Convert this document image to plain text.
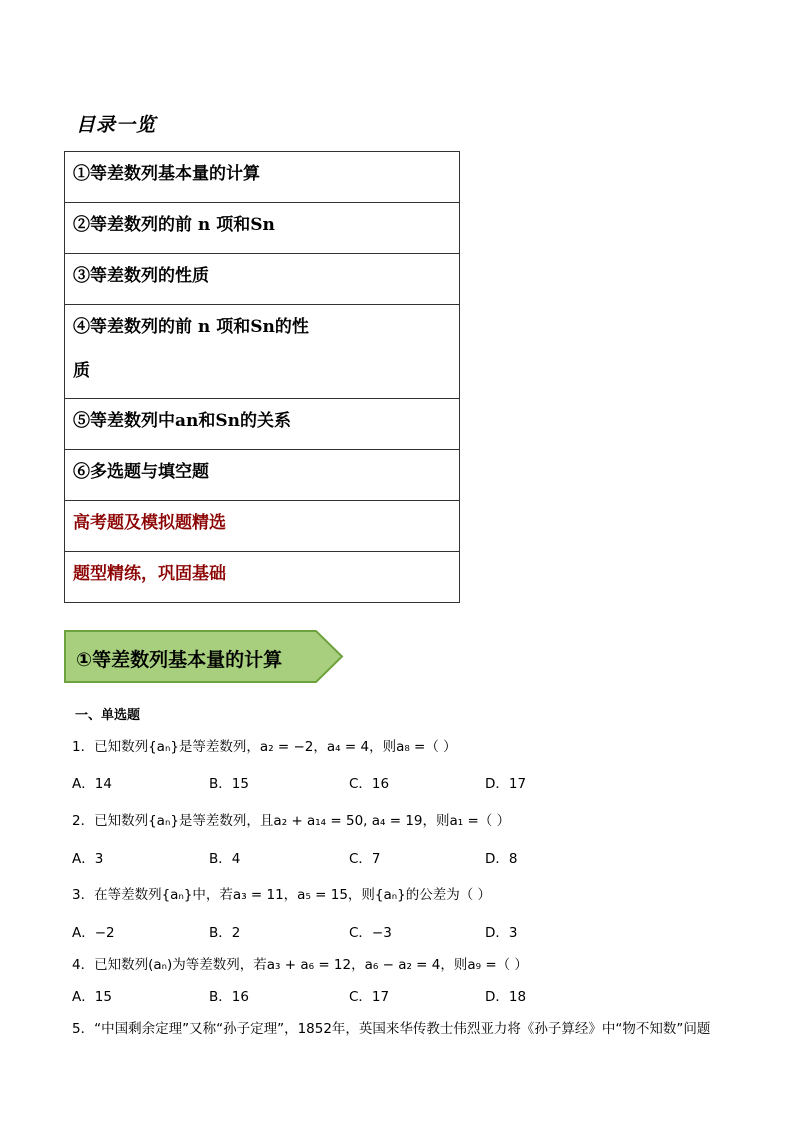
目录一览
①等差数列基本量的计算

②等差数列的前 n 项和Sn

③等差数列的性质

④等差数列的前 n 项和Sn的性
质

⑤等差数列中an和Sn的关系

⑥多选题与填空题

高考题及模拟题精选

题型精练，巩固基础
①等差数列基本量的计算
一、单选题
1．已知数列{aₙ}是等差数列，a₂ = −2，a₄ = 4，则a₈ =（ ）
A．14	B．15	C．16	D．17
2．已知数列{aₙ}是等差数列，且a₂ + a₁₄ = 50, a₄ = 19，则a₁ =（ ）
A．3	B．4	C．7	D．8
3．在等差数列{aₙ}中，若a₃ = 11，a₅ = 15，则{aₙ}的公差为（ ）
A．−2	B．2	C．−3	D．3
4．已知数列(aₙ)为等差数列，若a₃ + a₆ = 12，a₆ − a₂ = 4，则a₉ =（ ）
A．15	B．16	C．17	D．18
5．“中国剩余定理”又称“孙子定理”，1852年，英国来华传教士伟烈亚力将《孙子算经》中“物不知数”问题
